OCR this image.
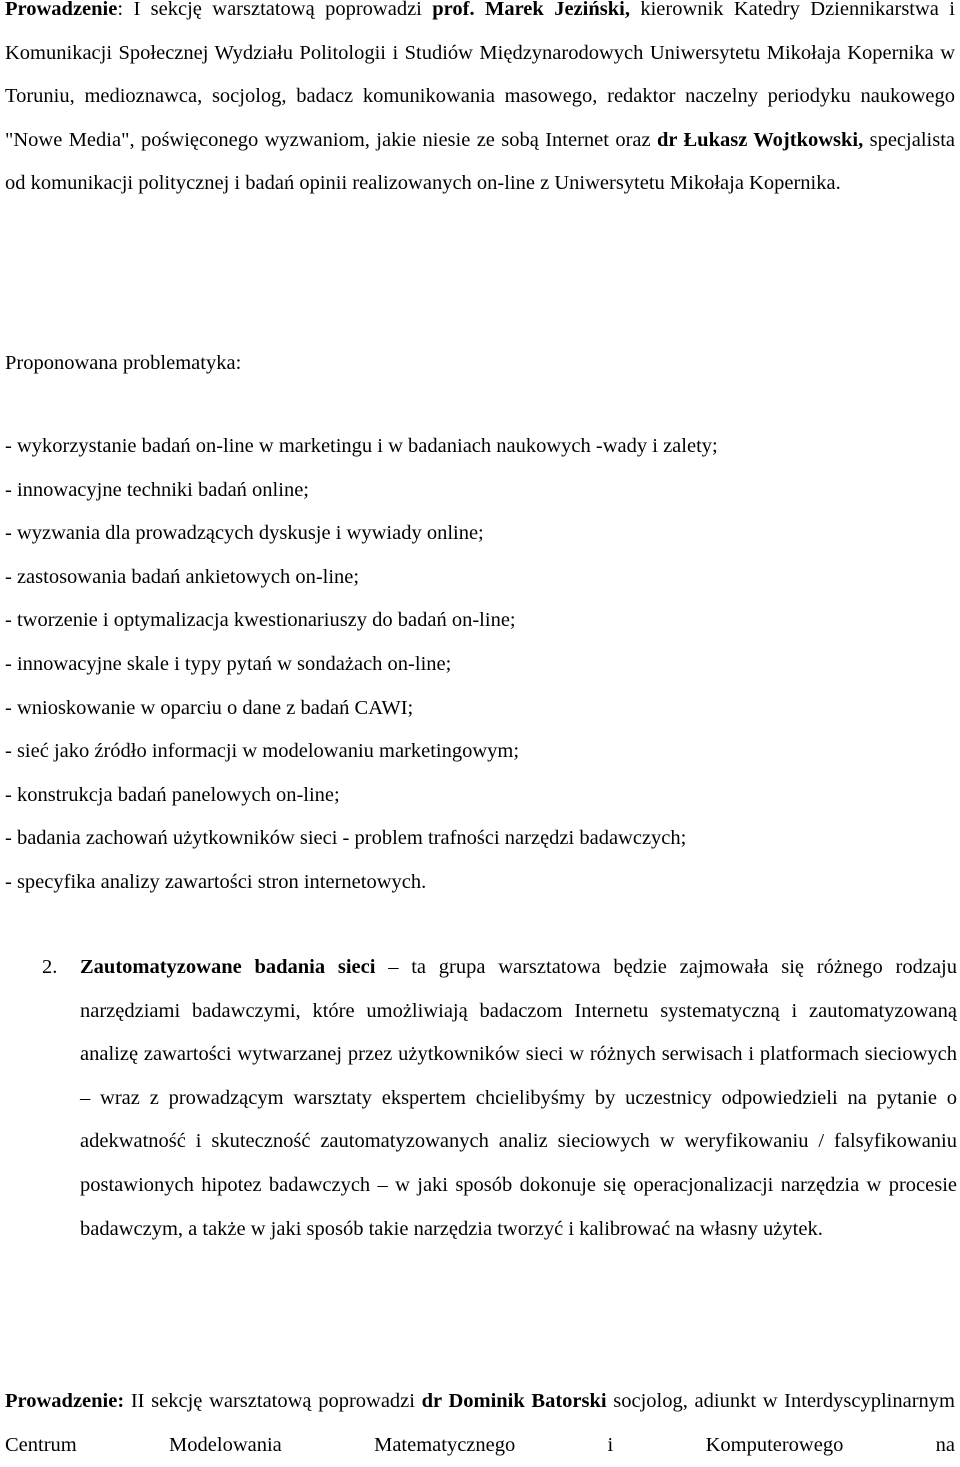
Prowadzenie: I sekcję warsztatową poprowadzi prof. Marek Jeziński, kierownik Katedry Dziennikarstwa i Komunikacji Społecznej Wydziału Politologii i Studiów Międzynarodowych Uniwersytetu Mikołaja Kopernika w Toruniu, medioznawca, socjolog, badacz komunikowania masowego, redaktor naczelny periodyku naukowego "Nowe Media", poświęconego wyzwaniom, jakie niesie ze sobą Internet oraz dr Łukasz Wojtkowski, specjalista od komunikacji politycznej i badań opinii realizowanych on-line z Uniwersytetu Mikołaja Kopernika.

Proponowana problematyka:

- wykorzystanie badań on-line w marketingu i w badaniach naukowych -wady i zalety;
- innowacyjne techniki badań online;
- wyzwania dla prowadzących dyskusje i wywiady online;
- zastosowania badań ankietowych on-line;
- tworzenie i optymalizacja kwestionariuszy do badań on-line;
- innowacyjne skale i typy pytań w sondażach on-line;
- wnioskowanie w oparciu o dane z badań CAWI;
- sieć jako źródło informacji w modelowaniu marketingowym;
- konstrukcja badań panelowych on-line;
- badania zachowań użytkowników sieci - problem trafności narzędzi badawczych;
- specyfika analizy zawartości stron internetowych.
2. Zautomatyzowane badania sieci – ta grupa warsztatowa będzie zajmowała się różnego rodzaju narzędziami badawczymi, które umożliwiają badaczom Internetu systematyczną i zautomatyzowaną analizę zawartości wytwarzanej przez użytkowników sieci w różnych serwisach i platformach sieciowych – wraz z prowadzącym warsztaty ekspertem chcielibyśmy by uczestnicy odpowiedzieli na pytanie o adekwatność i skuteczność zautomatyzowanych analiz sieciowych w weryfikowaniu / falsyfikowaniu postawionych hipotez badawczych – w jaki sposób dokonuje się operacjonalizacji narzędzia w procesie badawczym, a także w jaki sposób takie narzędzia tworzyć i kalibrować na własny użytek.

Prowadzenie: II sekcję warsztatową poprowadzi dr Dominik Batorski socjolog, adiunkt w Interdyscyplinarnym Centrum Modelowania Matematycznego i Komputerowego na
